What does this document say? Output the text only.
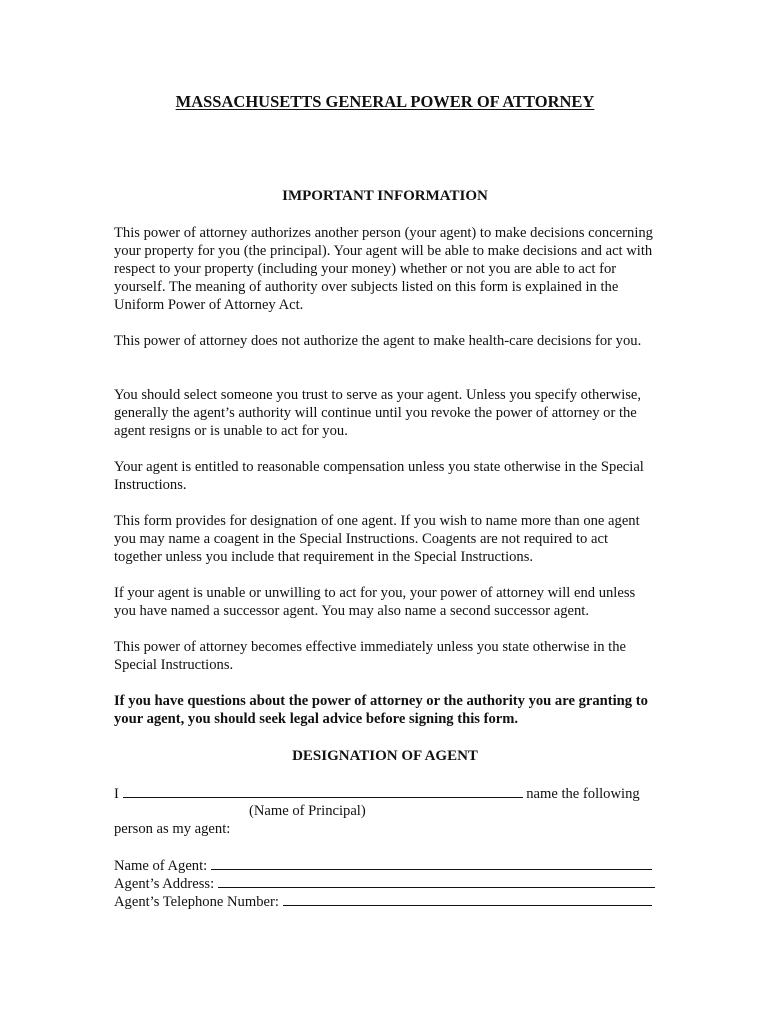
MASSACHUSETTS GENERAL POWER OF ATTORNEY
IMPORTANT INFORMATION
This power of attorney authorizes another person (your agent) to make decisions concerning your property for you (the principal). Your agent will be able to make decisions and act with respect to your property (including your money) whether or not you are able to act for yourself. The meaning of authority over subjects listed on this form is explained in the Uniform Power of Attorney Act.
This power of attorney does not authorize the agent to make health-care decisions for you.
You should select someone you trust to serve as your agent. Unless you specify otherwise, generally the agent’s authority will continue until you revoke the power of attorney or the agent resigns or is unable to act for you.
Your agent is entitled to reasonable compensation unless you state otherwise in the Special Instructions.
This form provides for designation of one agent. If you wish to name more than one agent you may name a coagent in the Special Instructions. Coagents are not required to act together unless you include that requirement in the Special Instructions.
If your agent is unable or unwilling to act for you, your power of attorney will end unless you have named a successor agent. You may also name a second successor agent.
This power of attorney becomes effective immediately unless you state otherwise in the Special Instructions.
If you have questions about the power of attorney or the authority you are granting to your agent, you should seek legal advice before signing this form.
DESIGNATION OF AGENT
I	name the following
(Name of Principal)
person as my agent:
Name of Agent:
Agent’s Address:
Agent’s Telephone Number:
